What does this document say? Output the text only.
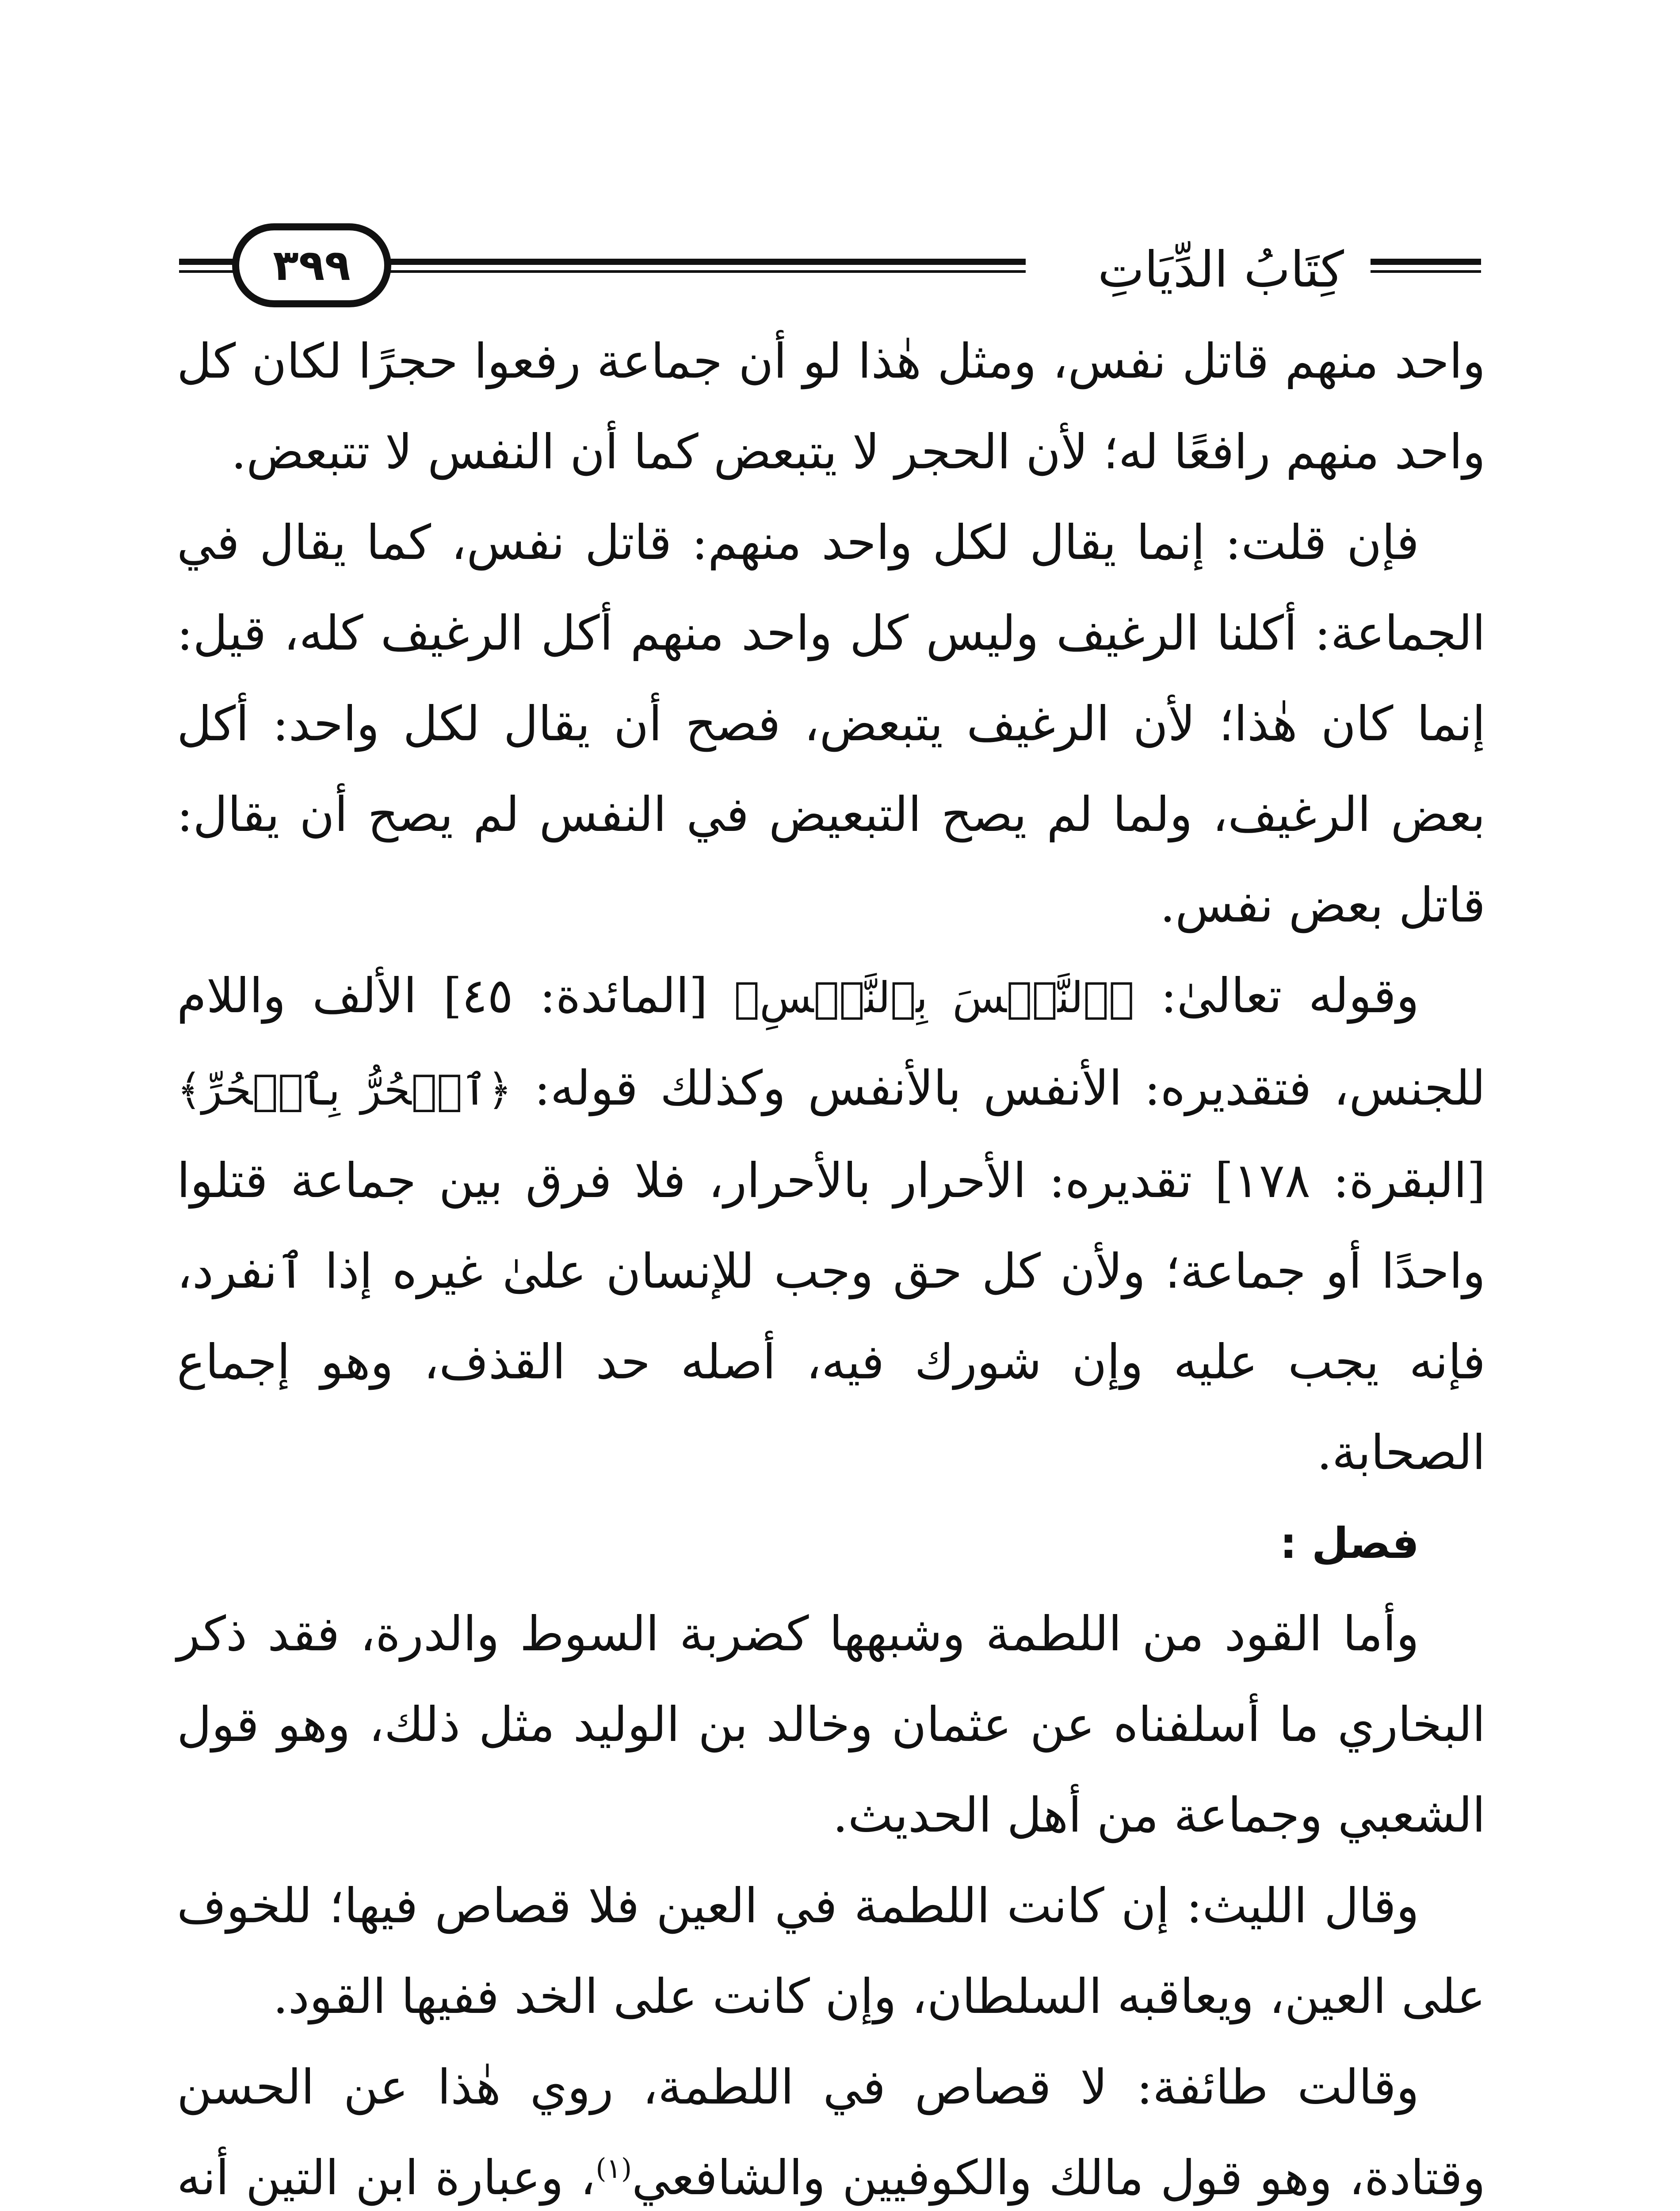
كِتَابُ الدِّيَاتِ
٣٩٩

واحد منهم قاتل نفس، ومثل هٰذا لو أن جماعة رفعوا حجرًا لكان كل واحد منهم رافعًا له؛ لأن الحجر لا يتبعض كما أن النفس لا تتبعض.

فإن قلت: إنما يقال لكل واحد منهم: قاتل نفس، كما يقال في الجماعة: أكلنا الرغيف وليس كل واحد منهم أكل الرغيف كله، قيل: إنما كان هٰذا؛ لأن الرغيف يتبعض، فصح أن يقال لكل واحد: أكل بعض الرغيف، ولما لم يصح التبعيض في النفس لم يصح أن يقال: قاتل بعض نفس.

وقوله تعالىٰ: ﴿ٱلنَّفۡسَ بِٱلنَّفۡسِ﴾ [المائدة: ٤٥] الألف واللام للجنس، فتقديره: الأنفس بالأنفس وكذلك قوله: ﴿ٱلۡحُرُّ بِٱلۡحُرِّ﴾ [البقرة: ١٧٨] تقديره: الأحرار بالأحرار، فلا فرق بين جماعة قتلوا واحدًا أو جماعة؛ ولأن كل حق وجب للإنسان علىٰ غيره إذا ٱنفرد، فإنه يجب عليه وإن شورك فيه، أصله حد القذف، وهو إجماع الصحابة.

فصل :

وأما القود من اللطمة وشبهها كضربة السوط والدرة، فقد ذكر البخاري ما أسلفناه عن عثمان وخالد بن الوليد مثل ذلك، وهو قول الشعبي وجماعة من أهل الحديث.

وقال الليث: إن كانت اللطمة في العين فلا قصاص فيها؛ للخوف على العين، ويعاقبه السلطان، وإن كانت على الخد ففيها القود.

وقالت طائفة: لا قصاص في اللطمة، روي هٰذا عن الحسن وقتادة، وهو قول مالك والكوفيين والشافعي$^{(١)}$، وعبارة ابن التين أنه
